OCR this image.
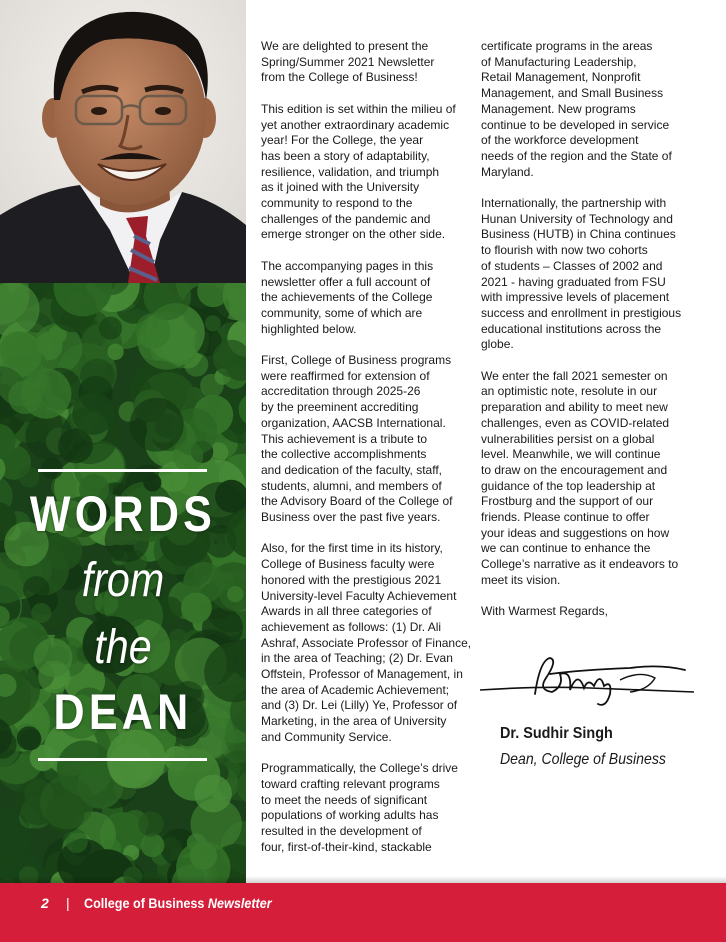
WORDS
from
the
DEAN
We are delighted to present the
Spring/Summer 2021 Newsletter
from the College of Business!
This edition is set within the milieu of
yet another extraordinary academic
year! For the College, the year
has been a story of adaptability,
resilience, validation, and triumph
as it joined with the University
community to respond to the
challenges of the pandemic and
emerge stronger on the other side.
The accompanying pages in this
newsletter offer a full account of
the achievements of the College
community, some of which are
highlighted below.
First, College of Business programs
were reaffirmed for extension of
accreditation through 2025-26
by the preeminent accrediting
organization, AACSB International.
This achievement is a tribute to
the collective accomplishments
and dedication of the faculty, staff,
students, alumni, and members of
the Advisory Board of the College of
Business over the past five years.
Also, for the first time in its history,
College of Business faculty were
honored with the prestigious 2021
University-level Faculty Achievement
Awards in all three categories of
achievement as follows: (1) Dr. Ali
Ashraf, Associate Professor of Finance,
in the area of Teaching; (2) Dr. Evan
Offstein, Professor of Management, in
the area of Academic Achievement;
and (3) Dr. Lei (Lilly) Ye, Professor of
Marketing, in the area of University
and Community Service.
Programmatically, the College’s drive
toward crafting relevant programs
to meet the needs of significant
populations of working adults has
resulted in the development of
four, first-of-their-kind, stackable
certificate programs in the areas
of Manufacturing Leadership,
Retail Management, Nonprofit
Management, and Small Business
Management. New programs
continue to be developed in service
of the workforce development
needs of the region and the State of
Maryland.
Internationally, the partnership with
Hunan University of Technology and
Business (HUTB) in China continues
to flourish with now two cohorts
of students – Classes of 2002 and
2021 - having graduated from FSU
with impressive levels of placement
success and enrollment in prestigious
educational institutions across the
globe.
We enter the fall 2021 semester on
an optimistic note, resolute in our
preparation and ability to meet new
challenges, even as COVID-related
vulnerabilities persist on a global
level. Meanwhile, we will continue
to draw on the encouragement and
guidance of the top leadership at
Frostburg and the support of our
friends. Please continue to offer
your ideas and suggestions on how
we can continue to enhance the
College’s narrative as it endeavors to
meet its vision.
With Warmest Regards,
Dr. Sudhir Singh
Dean, College of Business
2 | College of Business Newsletter
